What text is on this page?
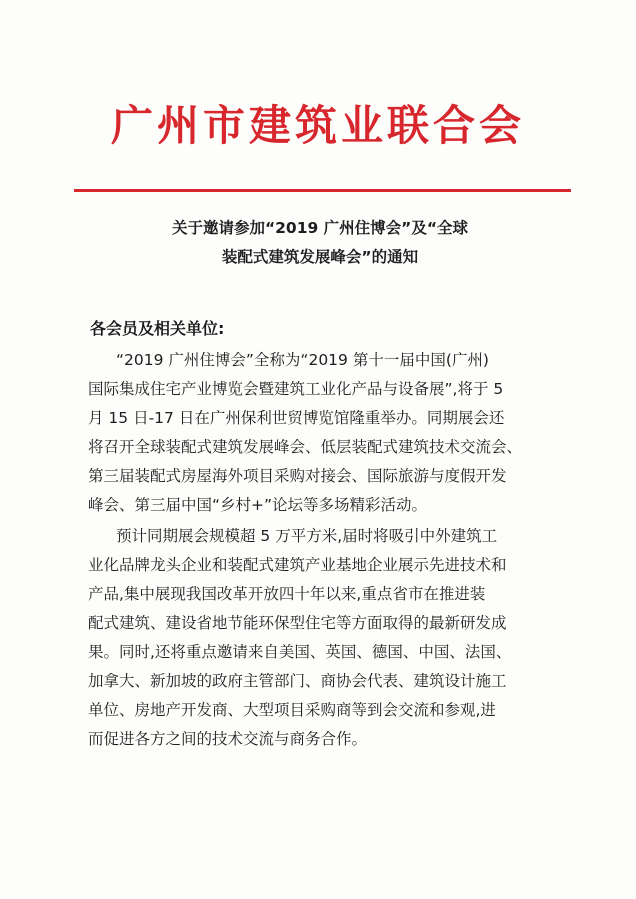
广州市建筑业联合会
关于邀请参加“2019 广州住博会”及“全球
装配式建筑发展峰会”的通知
各会员及相关单位:
“2019 广州住博会”全称为“2019 第十一届中国(广州)
国际集成住宅产业博览会暨建筑工业化产品与设备展”,将于 5
月 15 日-17 日在广州保利世贸博览馆隆重举办。同期展会还
将召开全球装配式建筑发展峰会、低层装配式建筑技术交流会、
第三届装配式房屋海外项目采购对接会、国际旅游与度假开发
峰会、第三届中国“乡村+”论坛等多场精彩活动。
预计同期展会规模超 5 万平方米,届时将吸引中外建筑工
业化品牌龙头企业和装配式建筑产业基地企业展示先进技术和
产品,集中展现我国改革开放四十年以来,重点省市在推进装
配式建筑、建设省地节能环保型住宅等方面取得的最新研发成
果。同时,还将重点邀请来自美国、英国、德国、中国、法国、
加拿大、新加坡的政府主管部门、商协会代表、建筑设计施工
单位、房地产开发商、大型项目采购商等到会交流和参观,进
而促进各方之间的技术交流与商务合作。
